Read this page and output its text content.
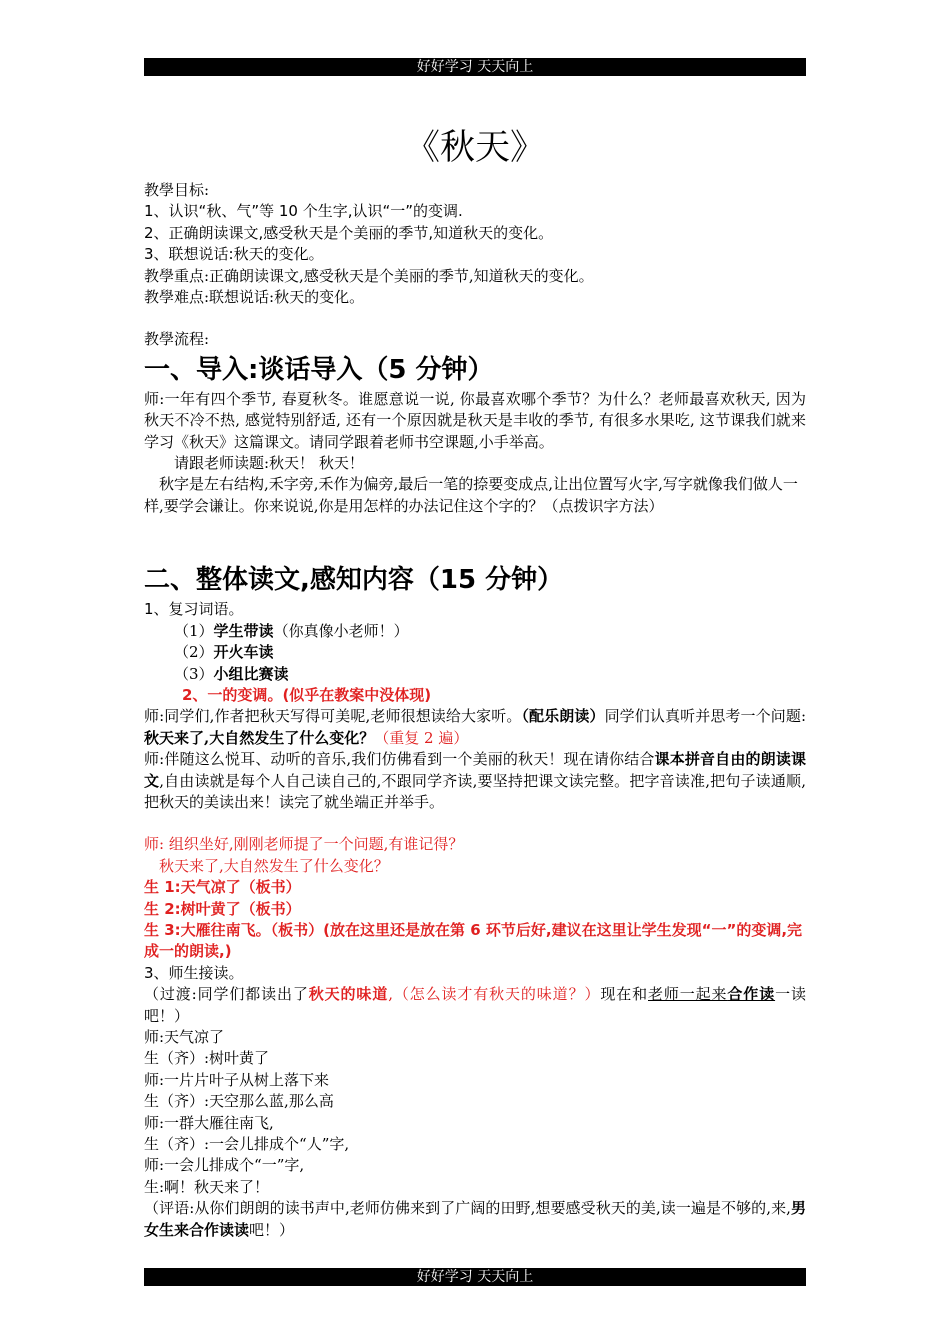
好好学习 天天向上
《秋天》

教學目标:

1、认识“秋、气”等 10 个生字,认识“一”的变调.

2、正确朗读课文,感受秋天是个美丽的季节,知道秋天的变化。

3、联想说话:秋天的变化。

教學重点:正确朗读课文,感受秋天是个美丽的季节,知道秋天的变化。

教學难点:联想说话:秋天的变化。

教學流程:

一、导入:谈话导入（5 分钟）

师:一年有四个季节, 春夏秋冬。谁愿意说一说, 你最喜欢哪个季节？为什么？老师最喜欢秋天, 因为秋天不冷不热, 感觉特别舒适, 还有一个原因就是秋天是丰收的季节, 有很多水果吃, 这节课我们就来学习《秋天》这篇课文。请同学跟着老师书空课题,小手举高。

请跟老师读题:秋天！ 秋天！

秋字是左右结构,禾字旁,禾作为偏旁,最后一笔的捺要变成点,让出位置写火字,写字就像我们做人一样,要学会谦让。你来说说,你是用怎样的办法记住这个字的？（点拨识字方法）

二、整体读文,感知内容（15 分钟）

1、复习词语。

（1）学生带读（你真像小老师！）

（2）开火车读

（3）小组比赛读

2、一的变调。(似乎在教案中没体现)

师:同学们,作者把秋天写得可美呢,老师很想读给大家听。（配乐朗读）同学们认真听并思考一个问题:秋天来了,大自然发生了什么变化？（重复 2 遍）

师:伴随这么悦耳、动听的音乐,我们仿佛看到一个美丽的秋天！现在请你结合课本拼音自由的朗读课文,自由读就是每个人自己读自己的,不跟同学齐读,要坚持把课文读完整。把字音读准,把句子读通顺,把秋天的美读出来！读完了就坐端正并举手。

师: 组织坐好,刚刚老师提了一个问题,有谁记得？

秋天来了,大自然发生了什么变化？

生 1:天气凉了（板书）

生 2:树叶黄了（板书）

生 3:大雁往南飞。（板书）(放在这里还是放在第 6 环节后好,建议在这里让学生发现“一”的变调,完成一的朗读,)

3、师生接读。

（过渡:同学们都读出了秋天的味道,（怎么读才有秋天的味道？）现在和老师一起来合作读一读吧！）

师:天气凉了

生（齐）:树叶黄了

师:一片片叶子从树上落下来

生（齐）:天空那么蓝,那么高

师:一群大雁往南飞,

生（齐）:一会儿排成个“人”字,

师:一会儿排成个“一”字,

生:啊！秋天来了！

（评语:从你们朗朗的读书声中,老师仿佛来到了广阔的田野,想要感受秋天的美,读一遍是不够的,来,男女生来合作读读吧！）

好好学习 天天向上
